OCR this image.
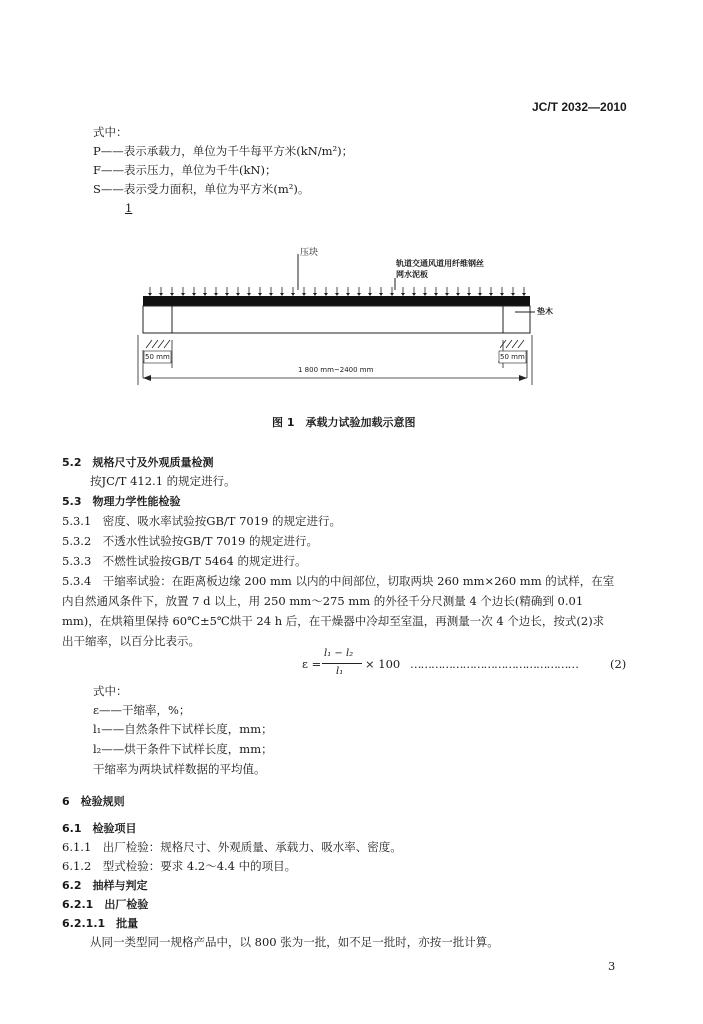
JC/T 2032—2010
式中：
P——表示承载力，单位为千牛每平方米(kN/m²)；
F——表示压力，单位为千牛(kN)；
S——表示受力面积，单位为平方米(m²)。
1
压块
轨道交通风道用纤维钢丝
网水泥板
垫木
50 mm	50 mm
1 800 mm~2400 mm
图 1　承载力试验加载示意图
5.2　规格尺寸及外观质量检测
按JC/T 412.1 的规定进行。
5.3　物理力学性能检验
5.3.1　密度、吸水率试验按GB/T 7019 的规定进行。
5.3.2　不透水性试验按GB/T 7019 的规定进行。
5.3.3　不燃性试验按GB/T 5464 的规定进行。
5.3.4　干缩率试验：在距离板边缘 200 mm 以内的中间部位，切取两块 260 mm×260 mm 的试样，在室
内自然通风条件下，放置 7 d 以上，用 250 mm～275 mm 的外径千分尺测量 4 个边长(精确到 0.01
mm)，在烘箱里保持 60℃±5℃烘干 24 h 后，在干燥器中冷却至室温，再测量一次 4 个边长，按式(2)求
出干缩率，以百分比表示。
ε =
l₁ − l₂
l₁
× 100 …………………………………………	(2)
式中：
ε——干缩率，%；
l₁——自然条件下试样长度，mm；
l₂——烘干条件下试样长度，mm；
干缩率为两块试样数据的平均值。
6　检验规则
6.1　检验项目
6.1.1　出厂检验：规格尺寸、外观质量、承载力、吸水率、密度。
6.1.2　型式检验：要求 4.2～4.4 中的项目。
6.2　抽样与判定
6.2.1　出厂检验
6.2.1.1　批量
从同一类型同一规格产品中，以 800 张为一批，如不足一批时，亦按一批计算。
3
